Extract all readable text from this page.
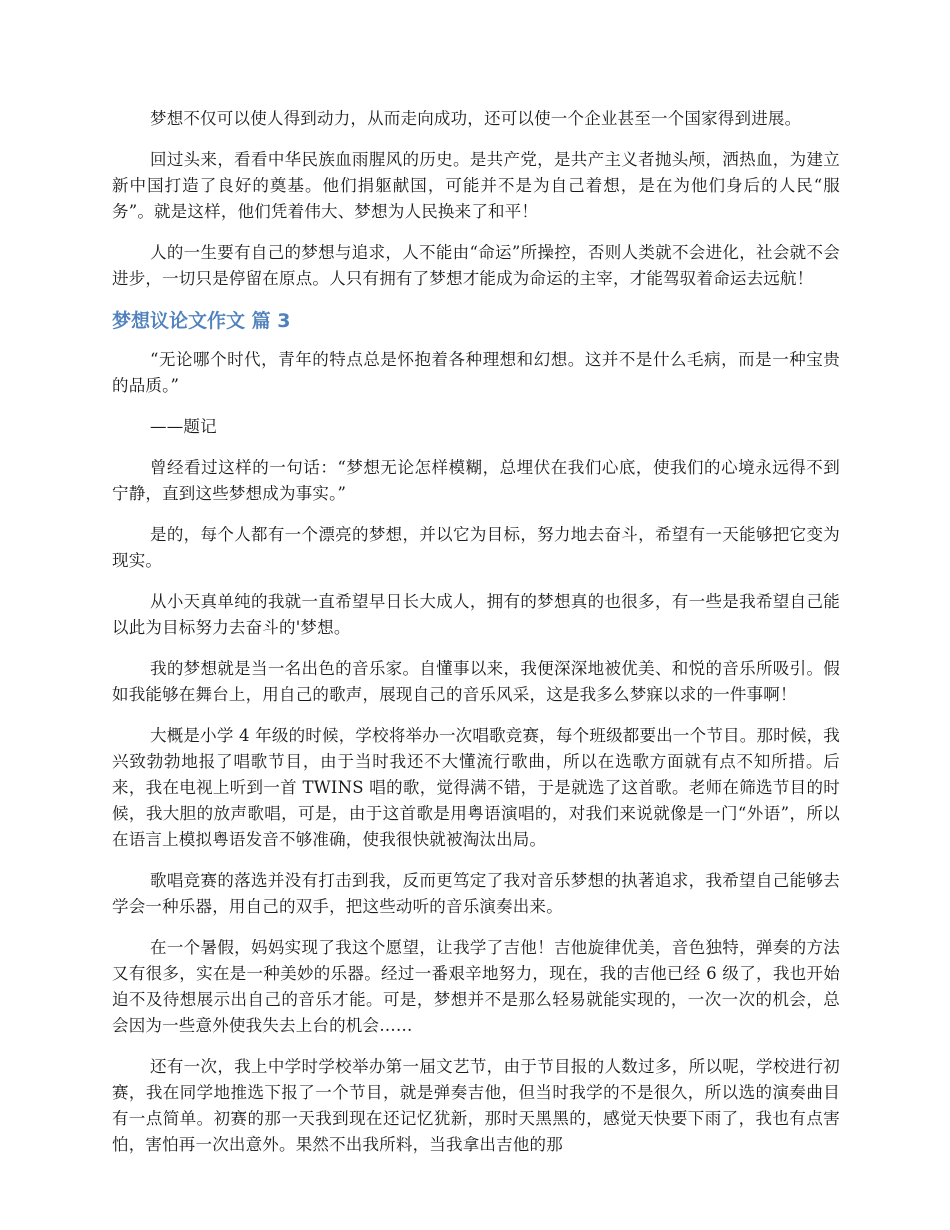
梦想不仅可以使人得到动力，从而走向成功，还可以使一个企业甚至一个国家得到进展。

回过头来，看看中华民族血雨腥风的历史。是共产党，是共产主义者抛头颅，洒热血，为建立新中国打造了良好的奠基。他们捐躯献国，可能并不是为自己着想，是在为他们身后的人民“服务”。就是这样，他们凭着伟大、梦想为人民换来了和平！

人的一生要有自己的梦想与追求，人不能由“命运”所操控，否则人类就不会进化，社会就不会进步，一切只是停留在原点。人只有拥有了梦想才能成为命运的主宰，才能驾驭着命运去远航！

梦想议论文作文 篇 3

“无论哪个时代，青年的特点总是怀抱着各种理想和幻想。这并不是什么毛病，而是一种宝贵的品质。”

——题记

曾经看过这样的一句话：“梦想无论怎样模糊，总埋伏在我们心底，使我们的心境永远得不到宁静，直到这些梦想成为事实。”

是的，每个人都有一个漂亮的梦想，并以它为目标，努力地去奋斗，希望有一天能够把它变为现实。

从小天真单纯的我就一直希望早日长大成人，拥有的梦想真的也很多，有一些是我希望自己能以此为目标努力去奋斗的'梦想。

我的梦想就是当一名出色的音乐家。自懂事以来，我便深深地被优美、和悦的音乐所吸引。假如我能够在舞台上，用自己的歌声，展现自己的音乐风采，这是我多么梦寐以求的一件事啊！

大概是小学 4 年级的时候，学校将举办一次唱歌竞赛，每个班级都要出一个节目。那时候，我兴致勃勃地报了唱歌节目，由于当时我还不大懂流行歌曲，所以在选歌方面就有点不知所措。后来，我在电视上听到一首 TWINS 唱的歌，觉得满不错，于是就选了这首歌。老师在筛选节目的时候，我大胆的放声歌唱，可是，由于这首歌是用粤语演唱的，对我们来说就像是一门“外语”，所以在语言上模拟粤语发音不够准确，使我很快就被淘汰出局。

歌唱竞赛的落选并没有打击到我，反而更笃定了我对音乐梦想的执著追求，我希望自己能够去学会一种乐器，用自己的双手，把这些动听的音乐演奏出来。

在一个暑假，妈妈实现了我这个愿望，让我学了吉他！吉他旋律优美，音色独特，弹奏的方法又有很多，实在是一种美妙的乐器。经过一番艰辛地努力，现在，我的吉他已经 6 级了，我也开始迫不及待想展示出自己的音乐才能。可是，梦想并不是那么轻易就能实现的，一次一次的机会，总会因为一些意外使我失去上台的机会……

还有一次，我上中学时学校举办第一届文艺节，由于节目报的人数过多，所以呢，学校进行初赛，我在同学地推选下报了一个节目，就是弹奏吉他，但当时我学的不是很久，所以选的演奏曲目有一点简单。初赛的那一天我到现在还记忆犹新，那时天黑黑的，感觉天快要下雨了，我也有点害怕，害怕再一次出意外。果然不出我所料，当我拿出吉他的那
